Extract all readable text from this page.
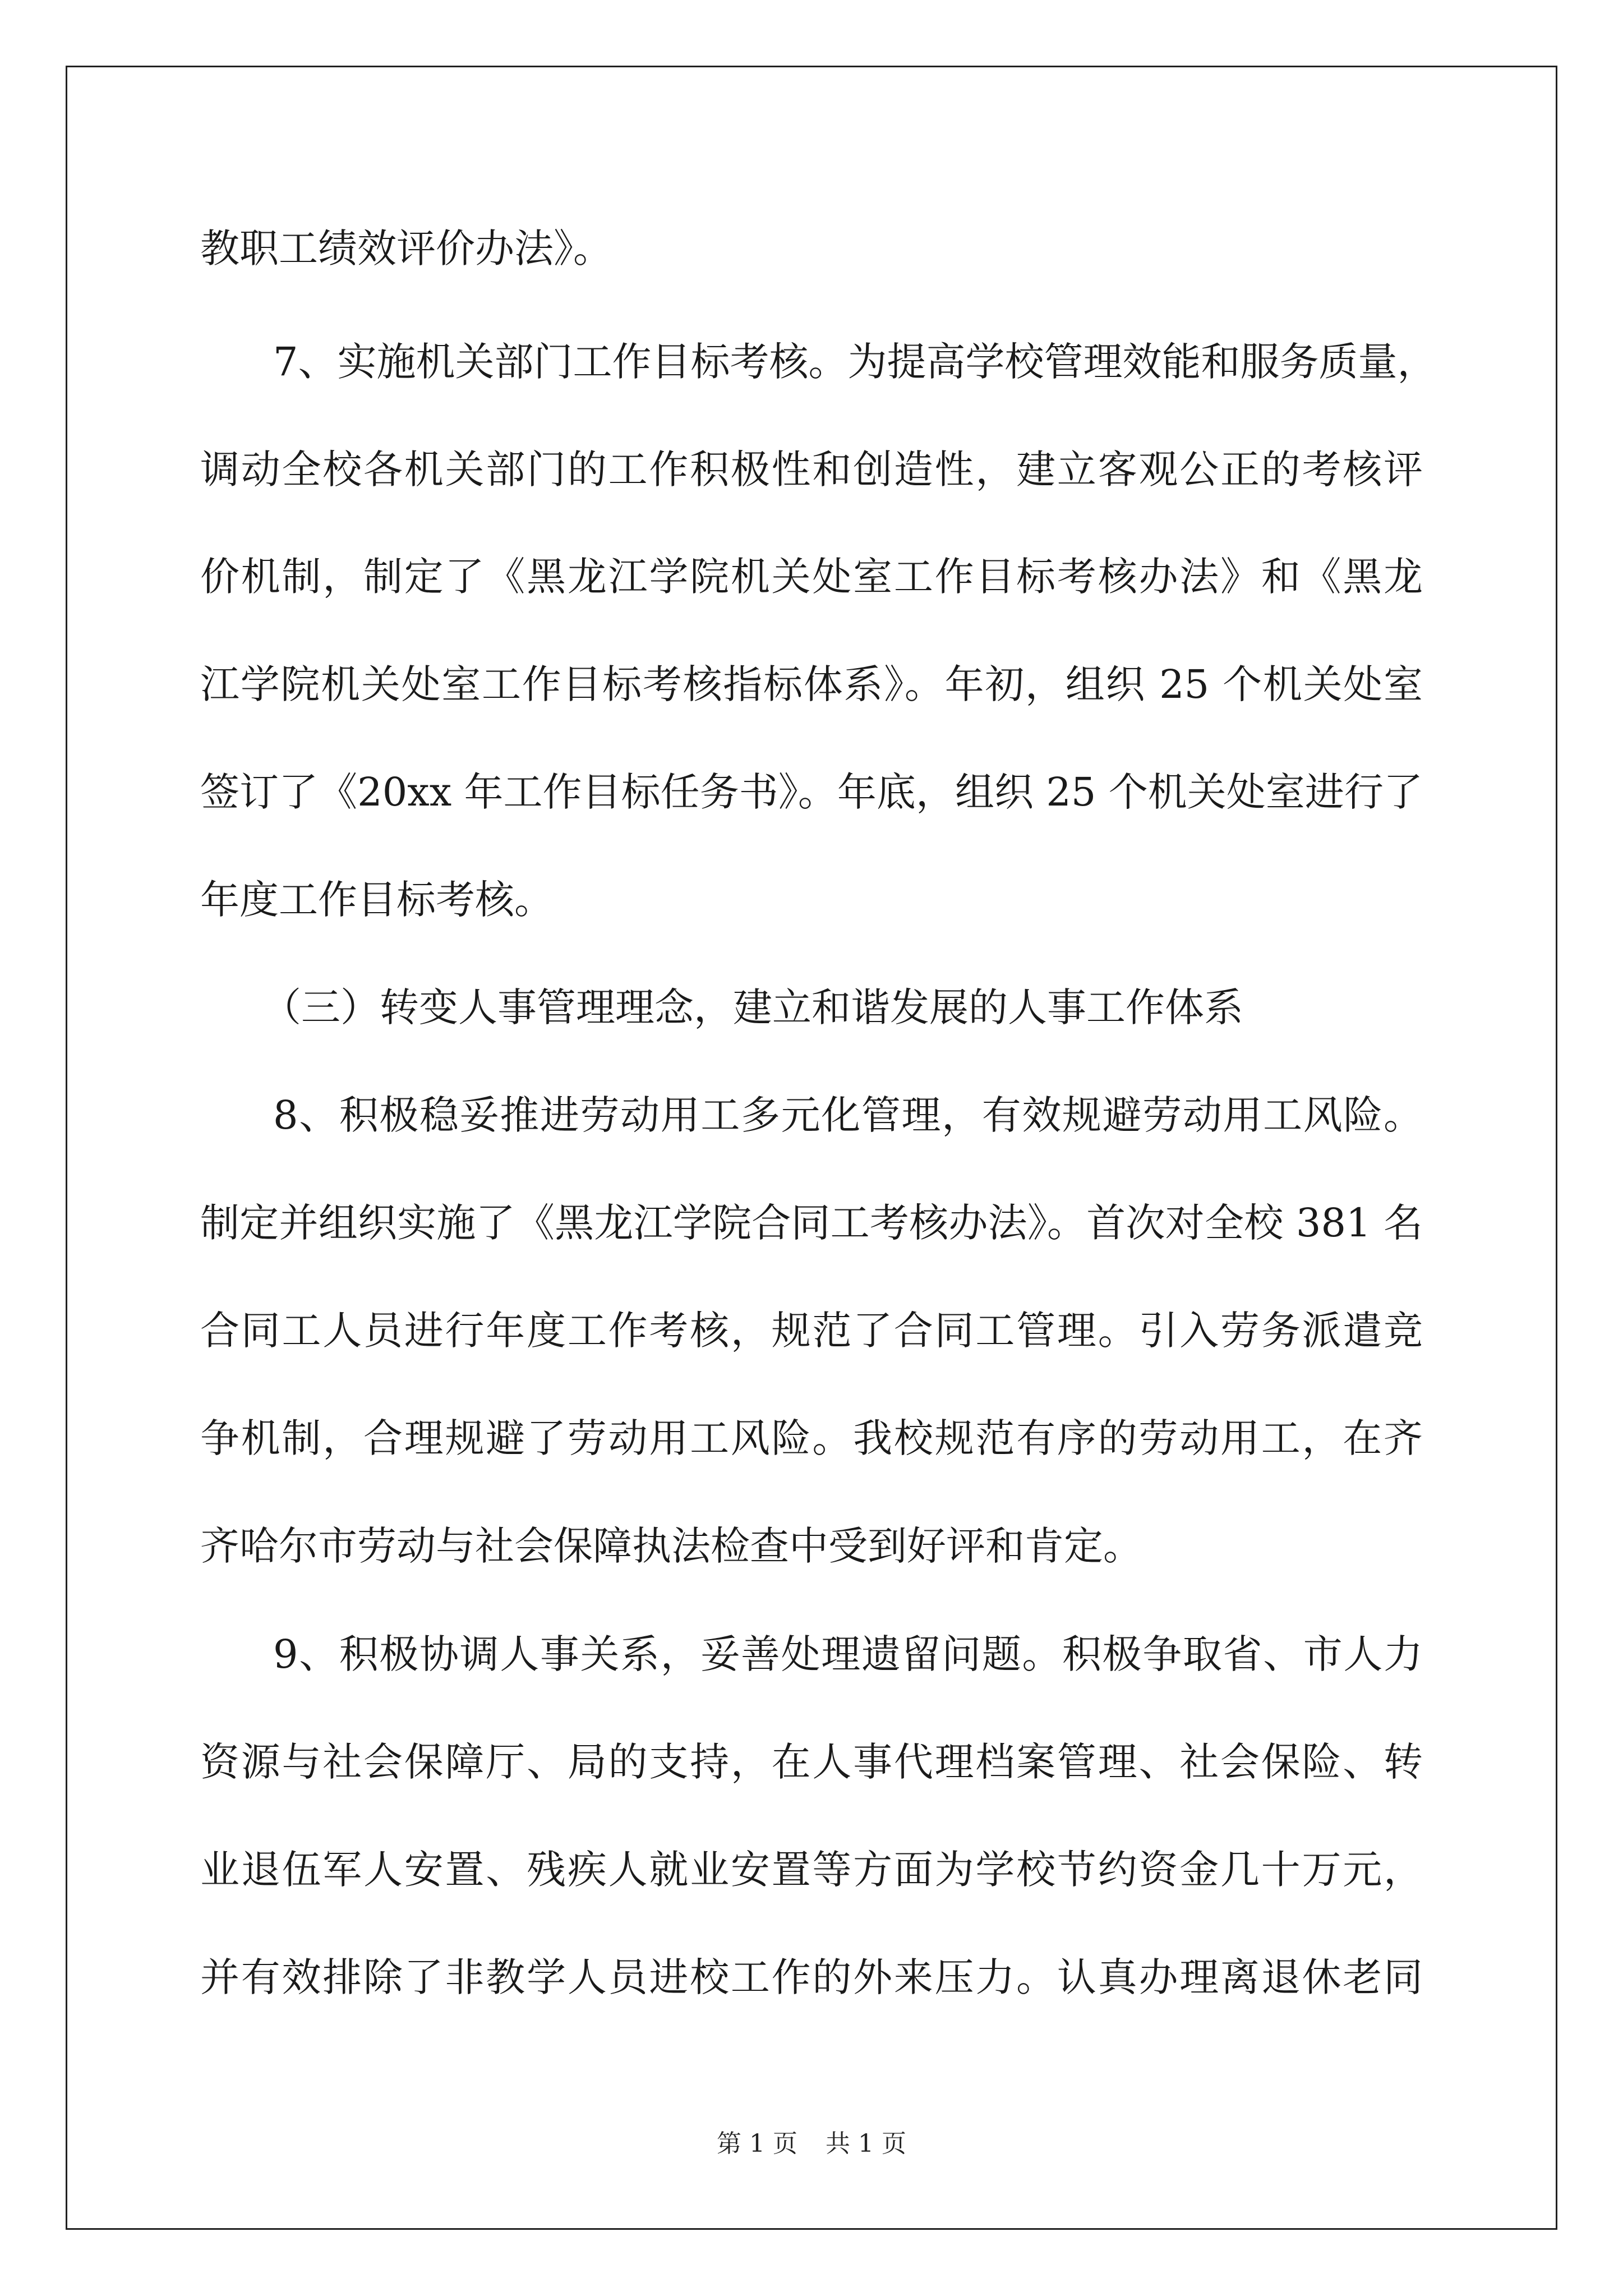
教职工绩效评价办法》。
7、实施机关部门工作目标考核。为提高学校管理效能和服务质量，
调动全校各机关部门的工作积极性和创造性，建立客观公正的考核评
价机制，制定了《黑龙江学院机关处室工作目标考核办法》和《黑龙
江学院机关处室工作目标考核指标体系》。年初，组织 25 个机关处室
签订了《20xx 年工作目标任务书》。年底，组织 25 个机关处室进行了
年度工作目标考核。
（三）转变人事管理理念，建立和谐发展的人事工作体系
8、积极稳妥推进劳动用工多元化管理，有效规避劳动用工风险。
制定并组织实施了《黑龙江学院合同工考核办法》。首次对全校 381 名
合同工人员进行年度工作考核，规范了合同工管理。引入劳务派遣竞
争机制，合理规避了劳动用工风险。我校规范有序的劳动用工，在齐
齐哈尔市劳动与社会保障执法检查中受到好评和肯定。
9、积极协调人事关系，妥善处理遗留问题。积极争取省、市人力
资源与社会保障厅、局的支持，在人事代理档案管理、社会保险、转
业退伍军人安置、残疾人就业安置等方面为学校节约资金几十万元，
并有效排除了非教学人员进校工作的外来压力。认真办理离退休老同
第 1 页 共 1 页
